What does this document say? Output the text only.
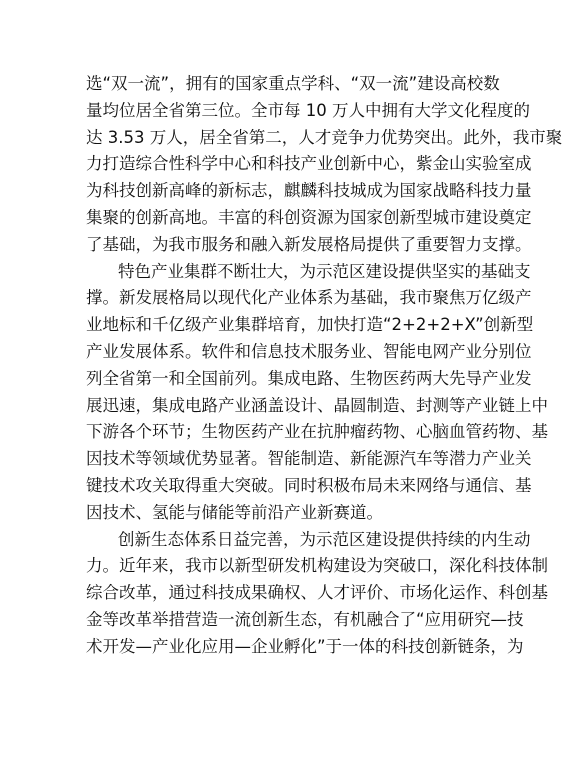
选“双一流”，拥有的国家重点学科、“双一流”建设高校数
量均位居全省第三位。全市每 10 万人中拥有大学文化程度的
达 3.53 万人，居全省第二，人才竞争力优势突出。此外，我市聚
力打造综合性科学中心和科技产业创新中心，紫金山实验室成
为科技创新高峰的新标志，麒麟科技城成为国家战略科技力量
集聚的创新高地。丰富的科创资源为国家创新型城市建设奠定
了基础，为我市服务和融入新发展格局提供了重要智力支撑。
特色产业集群不断壮大，为示范区建设提供坚实的基础支
撑。新发展格局以现代化产业体系为基础，我市聚焦万亿级产
业地标和千亿级产业集群培育，加快打造“2+2+2+X”创新型
产业发展体系。软件和信息技术服务业、智能电网产业分别位
列全省第一和全国前列。集成电路、生物医药两大先导产业发
展迅速，集成电路产业涵盖设计、晶圆制造、封测等产业链上中
下游各个环节；生物医药产业在抗肿瘤药物、心脑血管药物、基
因技术等领域优势显著。智能制造、新能源汽车等潜力产业关
键技术攻关取得重大突破。同时积极布局未来网络与通信、基
因技术、氢能与储能等前沿产业新赛道。
创新生态体系日益完善，为示范区建设提供持续的内生动
力。近年来，我市以新型研发机构建设为突破口，深化科技体制
综合改革，通过科技成果确权、人才评价、市场化运作、科创基
金等改革举措营造一流创新生态，有机融合了“应用研究—技
术开发—产业化应用—企业孵化”于一体的科技创新链条，为
